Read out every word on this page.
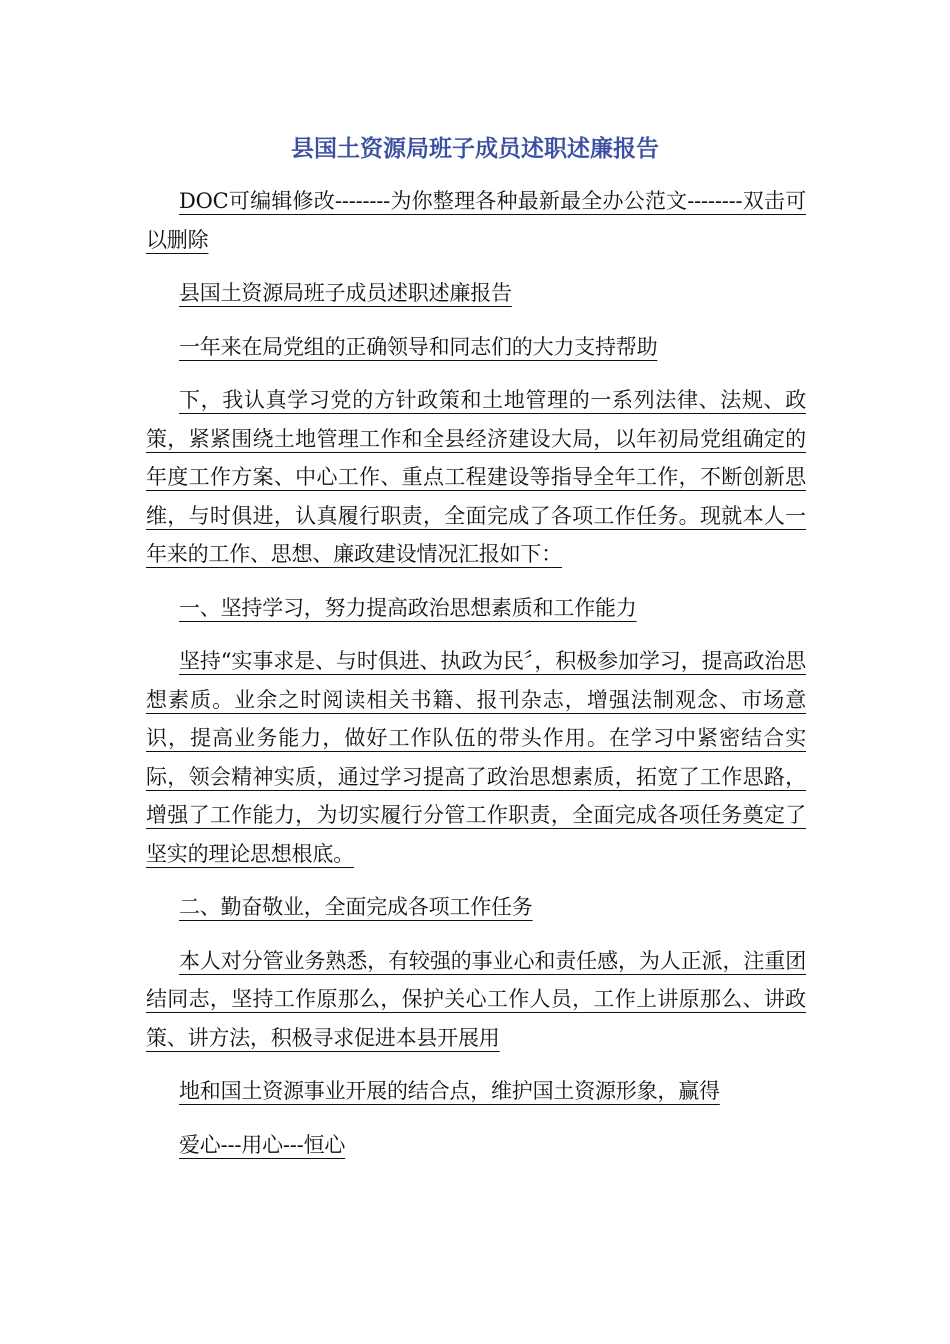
县国土资源局班子成员述职述廉报告

DOC可编辑修改--------为你整理各种最新最全办公范文--------双击可以删除

县国土资源局班子成员述职述廉报告

一年来在局党组的正确领导和同志们的大力支持帮助

下，我认真学习党的方针政策和土地管理的一系列法律、法规、政策，紧紧围绕土地管理工作和全县经济建设大局，以年初局党组确定的年度工作方案、中心工作、重点工程建设等指导全年工作，不断创新思维，与时俱进，认真履行职责，全面完成了各项工作任务。现就本人一年来的工作、思想、廉政建设情况汇报如下：

一、坚持学习，努力提高政治思想素质和工作能力

坚持“实事求是、与时俱进、执政为民〞，积极参加学习，提高政治思想素质。业余之时阅读相关书籍、报刊杂志，增强法制观念、市场意识，提高业务能力，做好工作队伍的带头作用。在学习中紧密结合实际，领会精神实质，通过学习提高了政治思想素质，拓宽了工作思路，增强了工作能力，为切实履行分管工作职责，全面完成各项任务奠定了坚实的理论思想根底。

二、勤奋敬业，全面完成各项工作任务

本人对分管业务熟悉，有较强的事业心和责任感，为人正派，注重团结同志，坚持工作原那么，保护关心工作人员，工作上讲原那么、讲政策、讲方法，积极寻求促进本县开展用

地和国土资源事业开展的结合点，维护国土资源形象，赢得

爱心---用心---恒心
